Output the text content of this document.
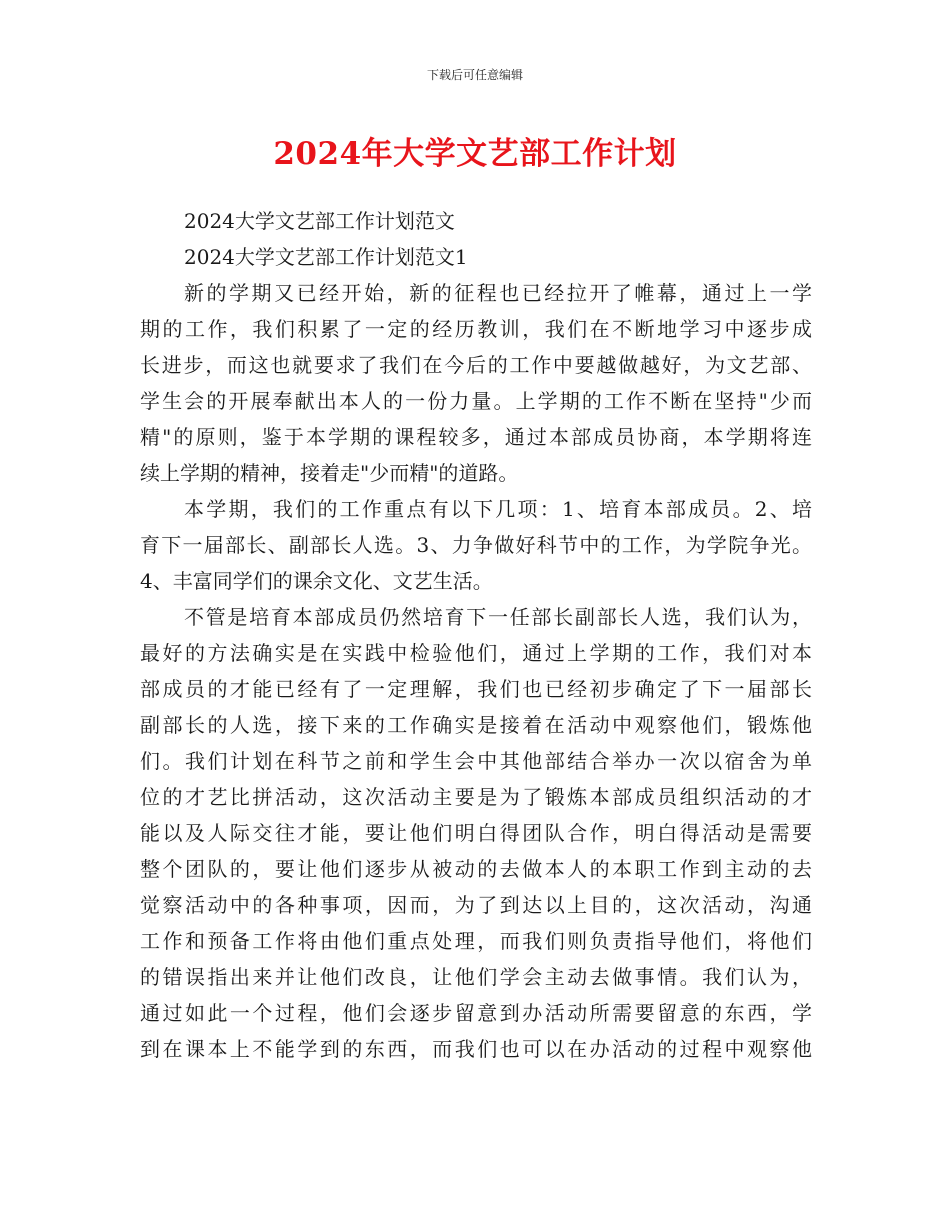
下载后可任意编辑
2024年大学文艺部工作计划
2024大学文艺部工作计划范文
2024大学文艺部工作计划范文1
新的学期又已经开始，新的征程也已经拉开了帷幕，通过上一学
期的工作，我们积累了一定的经历教训，我们在不断地学习中逐步成
长进步，而这也就要求了我们在今后的工作中要越做越好，为文艺部、
学生会的开展奉献出本人的一份力量。上学期的工作不断在坚持"少而
精"的原则，鉴于本学期的课程较多，通过本部成员协商，本学期将连
续上学期的精神，接着走"少而精"的道路。
本学期，我们的工作重点有以下几项：1、培育本部成员。2、培
育下一届部长、副部长人选。3、力争做好科节中的工作，为学院争光。
4、丰富同学们的课余文化、文艺生活。
不管是培育本部成员仍然培育下一任部长副部长人选，我们认为，
最好的方法确实是在实践中检验他们，通过上学期的工作，我们对本
部成员的才能已经有了一定理解，我们也已经初步确定了下一届部长
副部长的人选，接下来的工作确实是接着在活动中观察他们，锻炼他
们。我们计划在科节之前和学生会中其他部结合举办一次以宿舍为单
位的才艺比拼活动，这次活动主要是为了锻炼本部成员组织活动的才
能以及人际交往才能，要让他们明白得团队合作，明白得活动是需要
整个团队的，要让他们逐步从被动的去做本人的本职工作到主动的去
觉察活动中的各种事项，因而，为了到达以上目的，这次活动，沟通
工作和预备工作将由他们重点处理，而我们则负责指导他们，将他们
的错误指出来并让他们改良，让他们学会主动去做事情。我们认为，
通过如此一个过程，他们会逐步留意到办活动所需要留意的东西，学
到在课本上不能学到的东西，而我们也可以在办活动的过程中观察他
